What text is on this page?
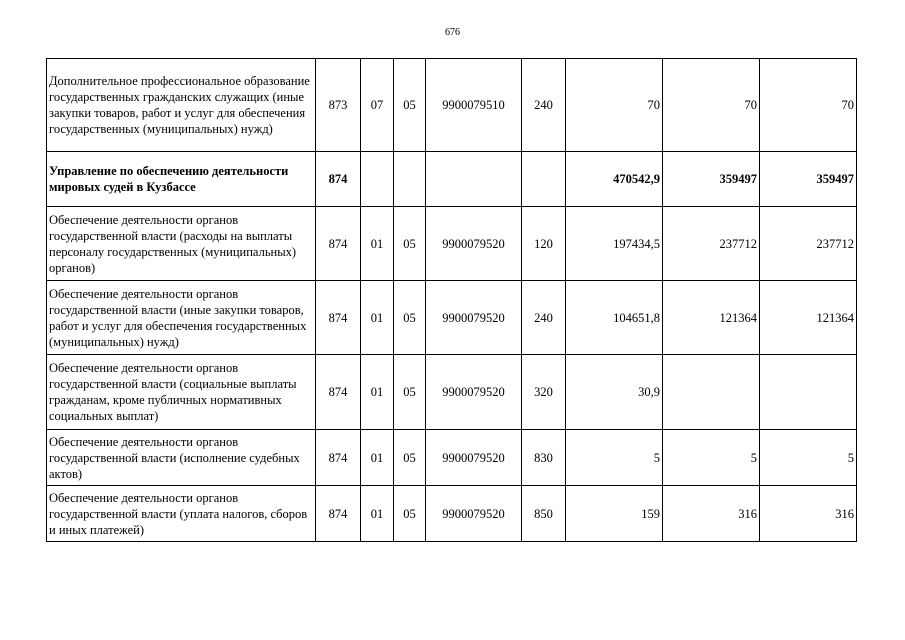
676
Дополнительное профессиональное образование государственных гражданских служащих (иные закупки товаров, работ и услуг для обеспечения государственных (муниципальных) нужд)	873	07	05	9900079510	240	70	70	70
Управление по обеспечению деятельности мировых судей в Кузбассе	874					470542,9	359497	359497
Обеспечение деятельности органов государственной власти (расходы на выплаты персоналу государственных (муниципальных) органов)	874	01	05	9900079520	120	197434,5	237712	237712
Обеспечение деятельности органов государственной власти (иные закупки товаров, работ и услуг для обеспечения государственных (муниципальных) нужд)	874	01	05	9900079520	240	104651,8	121364	121364
Обеспечение деятельности органов государственной власти (социальные выплаты гражданам, кроме публичных нормативных социальных выплат)	874	01	05	9900079520	320	30,9		
Обеспечение деятельности органов государственной власти (исполнение судебных актов)	874	01	05	9900079520	830	5	5	5
Обеспечение деятельности органов государственной власти (уплата налогов, сборов и иных платежей)	874	01	05	9900079520	850	159	316	316
